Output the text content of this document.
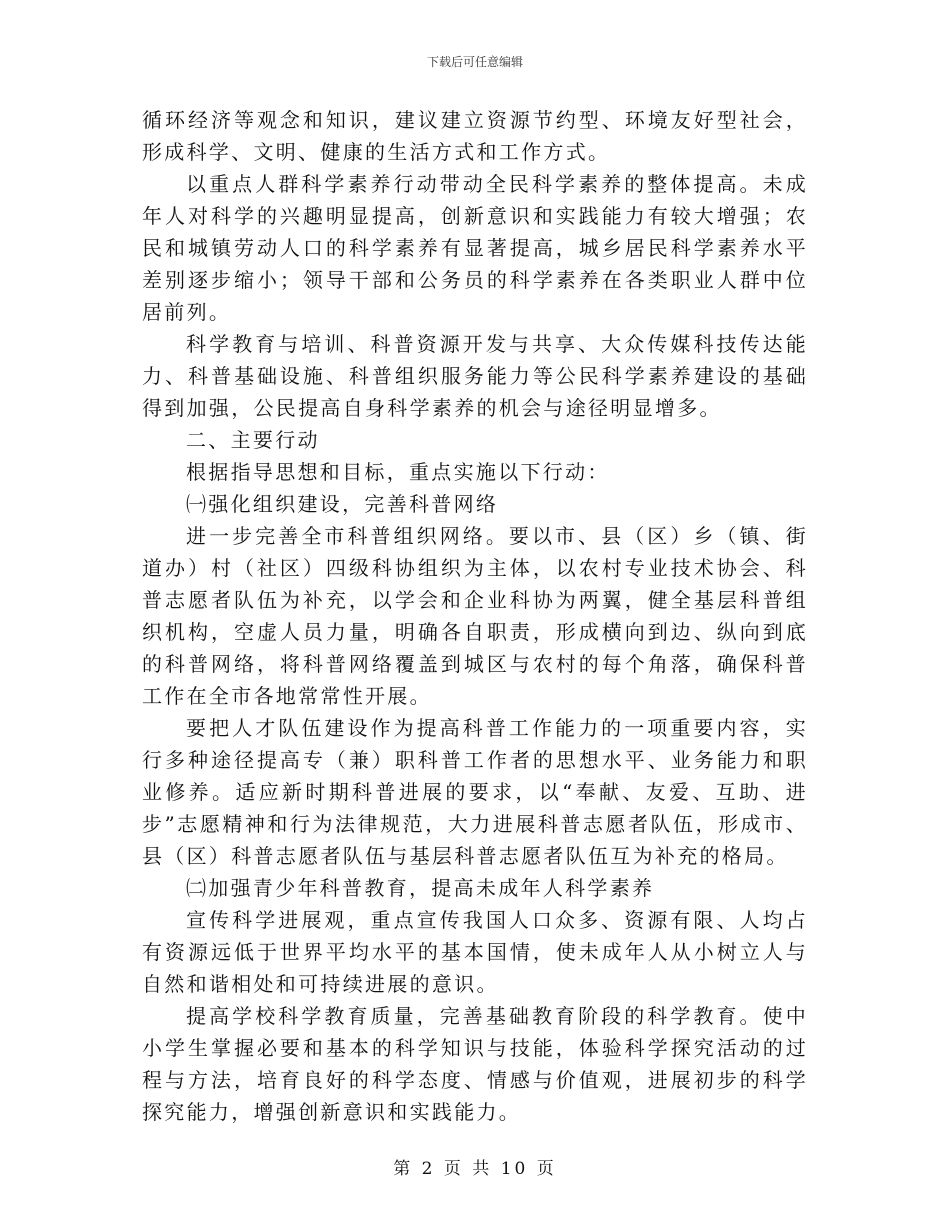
下载后可任意编辑

循环经济等观念和知识，建议建立资源节约型、环境友好型社会，形成科学、文明、健康的生活方式和工作方式。

以重点人群科学素养行动带动全民科学素养的整体提高。未成年人对科学的兴趣明显提高，创新意识和实践能力有较大增强；农民和城镇劳动人口的科学素养有显著提高，城乡居民科学素养水平差别逐步缩小；领导干部和公务员的科学素养在各类职业人群中位居前列。

科学教育与培训、科普资源开发与共享、大众传媒科技传达能力、科普基础设施、科普组织服务能力等公民科学素养建设的基础得到加强，公民提高自身科学素养的机会与途径明显增多。

二、主要行动

根据指导思想和目标，重点实施以下行动：

㈠强化组织建设，完善科普网络

进一步完善全市科普组织网络。要以市、县（区）乡（镇、街道办）村（社区）四级科协组织为主体，以农村专业技术协会、科普志愿者队伍为补充，以学会和企业科协为两翼，健全基层科普组织机构，空虚人员力量，明确各自职责，形成横向到边、纵向到底的科普网络，将科普网络覆盖到城区与农村的每个角落，确保科普工作在全市各地常常性开展。

要把人才队伍建设作为提高科普工作能力的一项重要内容，实行多种途径提高专（兼）职科普工作者的思想水平、业务能力和职业修养。适应新时期科普进展的要求，以“奉献、友爱、互助、进步”志愿精神和行为法律规范，大力进展科普志愿者队伍，形成市、县（区）科普志愿者队伍与基层科普志愿者队伍互为补充的格局。

㈡加强青少年科普教育，提高未成年人科学素养

宣传科学进展观，重点宣传我国人口众多、资源有限、人均占有资源远低于世界平均水平的基本国情，使未成年人从小树立人与自然和谐相处和可持续进展的意识。

提高学校科学教育质量，完善基础教育阶段的科学教育。使中小学生掌握必要和基本的科学知识与技能，体验科学探究活动的过程与方法，培育良好的科学态度、情感与价值观，进展初步的科学探究能力，增强创新意识和实践能力。

第 2 页 共 10 页
